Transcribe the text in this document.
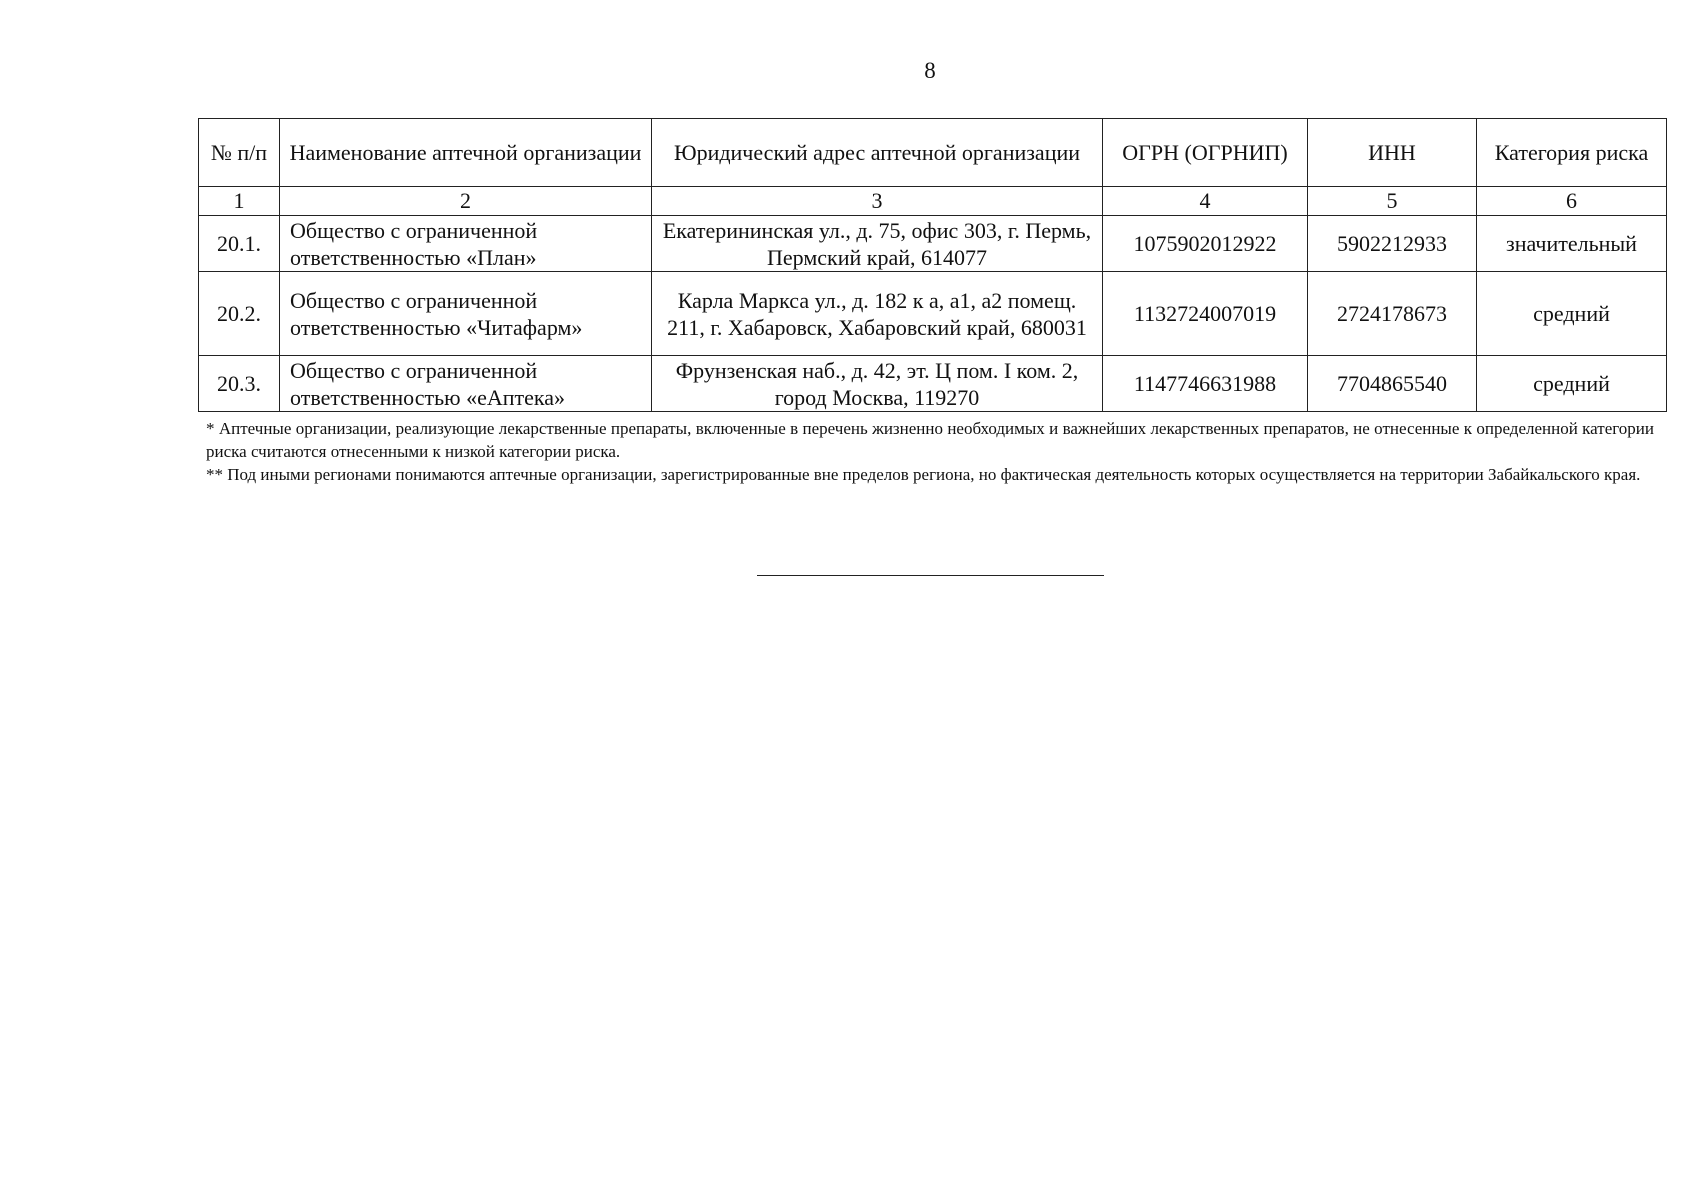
8
№ п/п	Наименование аптечной организации	Юридический адрес аптечной организации	ОГРН (ОГРНИП)	ИНН	Категория риска
1	2	3	4	5	6
20.1.	Общество с ограниченной ответственностью «План»	Екатерининская ул., д. 75, офис 303, г. Пермь, Пермский край, 614077	1075902012922	5902212933	значительный
20.2.	Общество с ограниченной ответственностью «Читафарм»	Карла Маркса ул., д. 182 к а, а1, а2 помещ. 211, г. Хабаровск, Хабаровский край, 680031	1132724007019	2724178673	средний
20.3.	Общество с ограниченной ответственностью «еАптека»	Фрунзенская наб., д. 42, эт. Ц пом. I ком. 2, город Москва, 119270	1147746631988	7704865540	средний

* Аптечные организации, реализующие лекарственные препараты, включенные в перечень жизненно необходимых и важнейших лекарственных препаратов, не отнесенные к определенной категории риска считаются отнесенными к низкой категории риска.

** Под иными регионами понимаются аптечные организации, зарегистрированные вне пределов региона, но фактическая деятельность которых осуществляется на территории Забайкальского края.
